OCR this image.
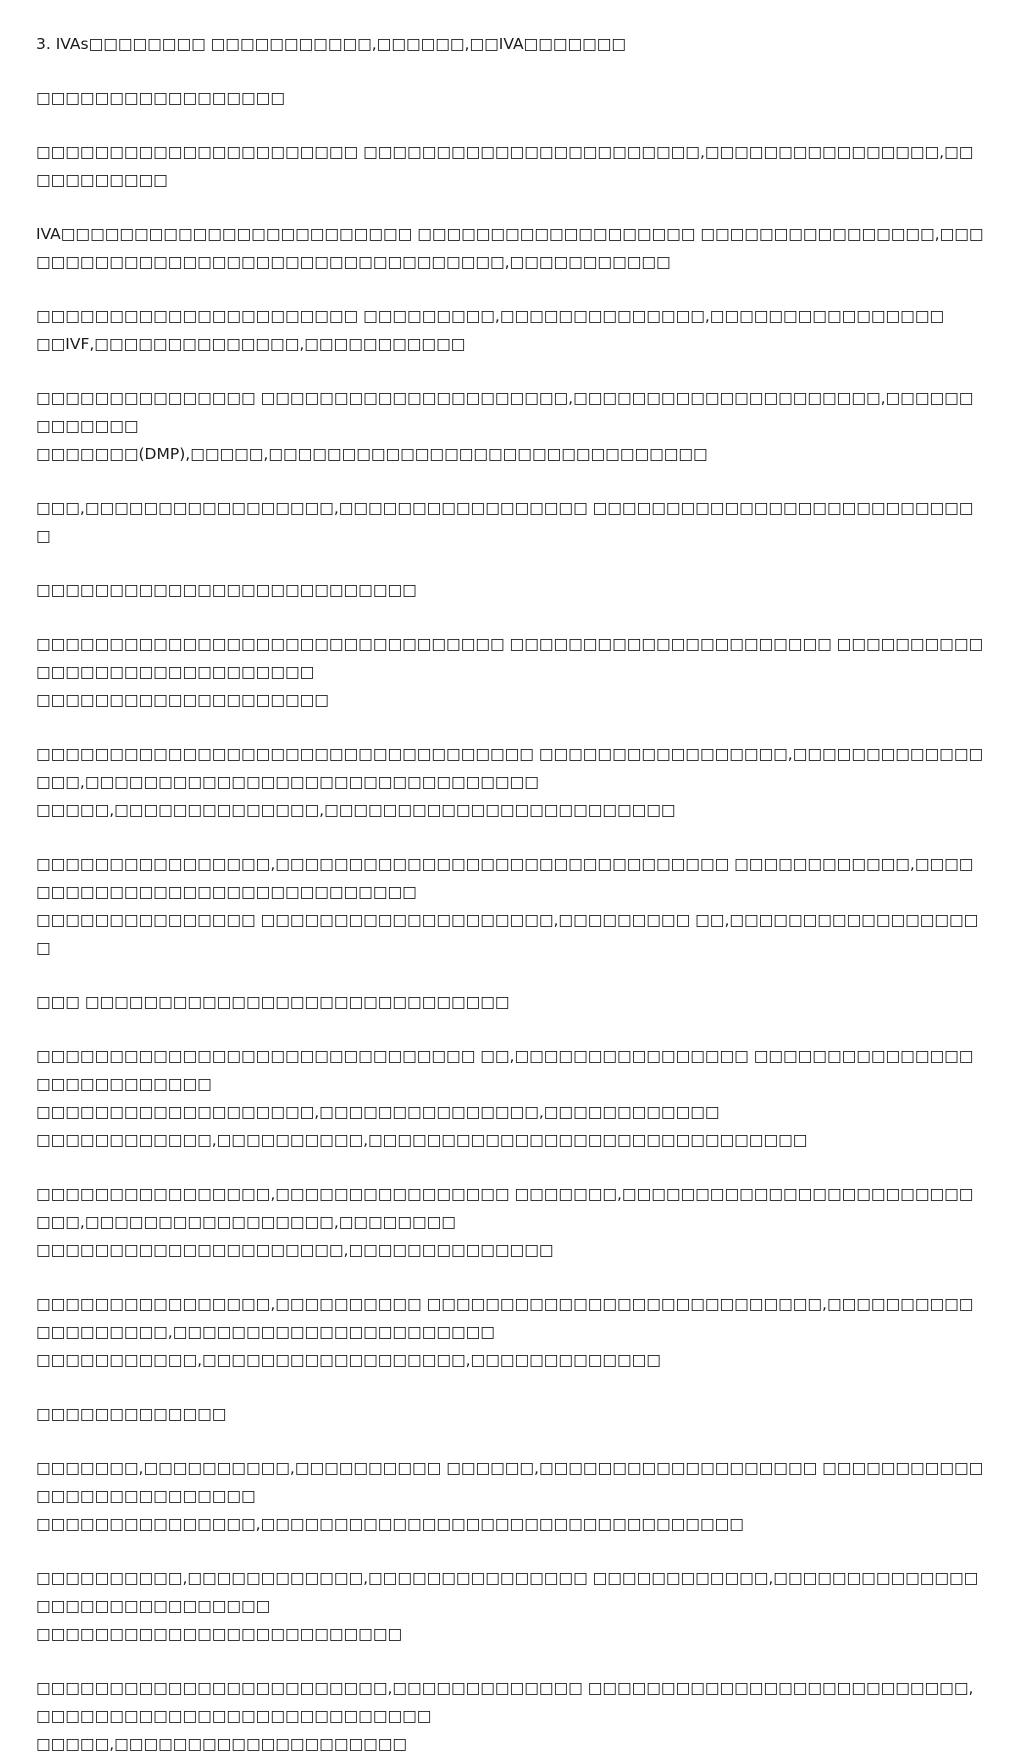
3. IVAs□□□□□□□□ □□□□□□□□□□□,□□□□□□,□□IVA□□□□□□□

□□□□□□□□□□□□□□□□□

□□□□□□□□□□□□□□□□□□□□□□ □□□□□□□□□□□□□□□□□□□□□□□,□□□□□□□□□□□□□□□□,□□□□□□□□□□□

IVA□□□□□□□□□□□□□□□□□□□□□□□□ □□□□□□□□□□□□□□□□□□□ □□□□□□□□□□□□□□□□,□□□□□□□□□□□□□□□□□□□□□□□□□□□□□□□□□□□,□□□□□□□□□□□

□□□□□□□□□□□□□□□□□□□□□□ □□□□□□□□□,□□□□□□□□□□□□□□,□□□□□□□□□□□□□□□□
□□IVF,□□□□□□□□□□□□□□,□□□□□□□□□□□

□□□□□□□□□□□□□□□ □□□□□□□□□□□□□□□□□□□□□,□□□□□□□□□□□□□□□□□□□□□,□□□□□□□□□□□□□
□□□□□□□(DMP),□□□□□,□□□□□□□□□□□□□□□□□□□□□□□□□□□□□□

□□□,□□□□□□□□□□□□□□□□□,□□□□□□□□□□□□□□□□□ □□□□□□□□□□□□□□□□□□□□□□□□□□□

□□□□□□□□□□□□□□□□□□□□□□□□□□

□□□□□□□□□□□□□□□□□□□□□□□□□□□□□□□□ □□□□□□□□□□□□□□□□□□□□□□ □□□□□□□□□□□□□□□□□□□□□□□□□□□□□
□□□□□□□□□□□□□□□□□□□□

□□□□□□□□□□□□□□□□□□□□□□□□□□□□□□□□□□ □□□□□□□□□□□□□□□□□,□□□□□□□□□□□□□□□□,□□□□□□□□□□□□□□□□□□□□□□□□□□□□□□□
□□□□□,□□□□□□□□□□□□□□,□□□□□□□□□□□□□□□□□□□□□□□□

□□□□□□□□□□□□□□□□,□□□□□□□□□□□□□□□□□□□□□□□□□□□□□□□ □□□□□□□□□□□□,□□□□□□□□□□□□□□□□□□□□□□□□□□□□□□
□□□□□□□□□□□□□□□ □□□□□□□□□□□□□□□□□□□□,□□□□□□□□□ □□,□□□□□□□□□□□□□□□□□□

□□□ □□□□□□□□□□□□□□□□□□□□□□□□□□□□□

□□□□□□□□□□□□□□□□□□□□□□□□□□□□□□ □□,□□□□□□□□□□□□□□□□ □□□□□□□□□□□□□□□□□□□□□□□□□□□
□□□□□□□□□□□□□□□□□□□,□□□□□□□□□□□□□□□,□□□□□□□□□□□□
□□□□□□□□□□□□,□□□□□□□□□□,□□□□□□□□□□□□□□□□□□□□□□□□□□□□□□

□□□□□□□□□□□□□□□□,□□□□□□□□□□□□□□□□ □□□□□□□,□□□□□□□□□□□□□□□□□□□□□□□□□□□,□□□□□□□□□□□□□□□□□,□□□□□□□□
□□□□□□□□□□□□□□□□□□□□□,□□□□□□□□□□□□□□

□□□□□□□□□□□□□□□□,□□□□□□□□□□ □□□□□□□□□□□□□□□□□□□□□□□□□□□,□□□□□□□□□□□□□□□□□□□,□□□□□□□□□□□□□□□□□□□□□□
□□□□□□□□□□□,□□□□□□□□□□□□□□□□□□,□□□□□□□□□□□□□

□□□□□□□□□□□□□

□□□□□□□,□□□□□□□□□□,□□□□□□□□□□ □□□□□□,□□□□□□□□□□□□□□□□□□□ □□□□□□□□□□□□□□□□□□□□□□□□□□
□□□□□□□□□□□□□□□,□□□□□□□□□□□□□□□□□□□□□□□□□□□□□□□□□

□□□□□□□□□□,□□□□□□□□□□□□,□□□□□□□□□□□□□□□ □□□□□□□□□□□□,□□□□□□□□□□□□□□□□□□□□□□□□□□□□□□
□□□□□□□□□□□□□□□□□□□□□□□□□

□□□□□□□□□□□□□□□□□□□□□□□□,□□□□□□□□□□□□□ □□□□□□□□□□□□□□□□□□□□□□□□□□,□□□□□□□□□□□□□□□□□□□□□□□□□□□
□□□□□,□□□□□□□□□□□□□□□□□□□□
